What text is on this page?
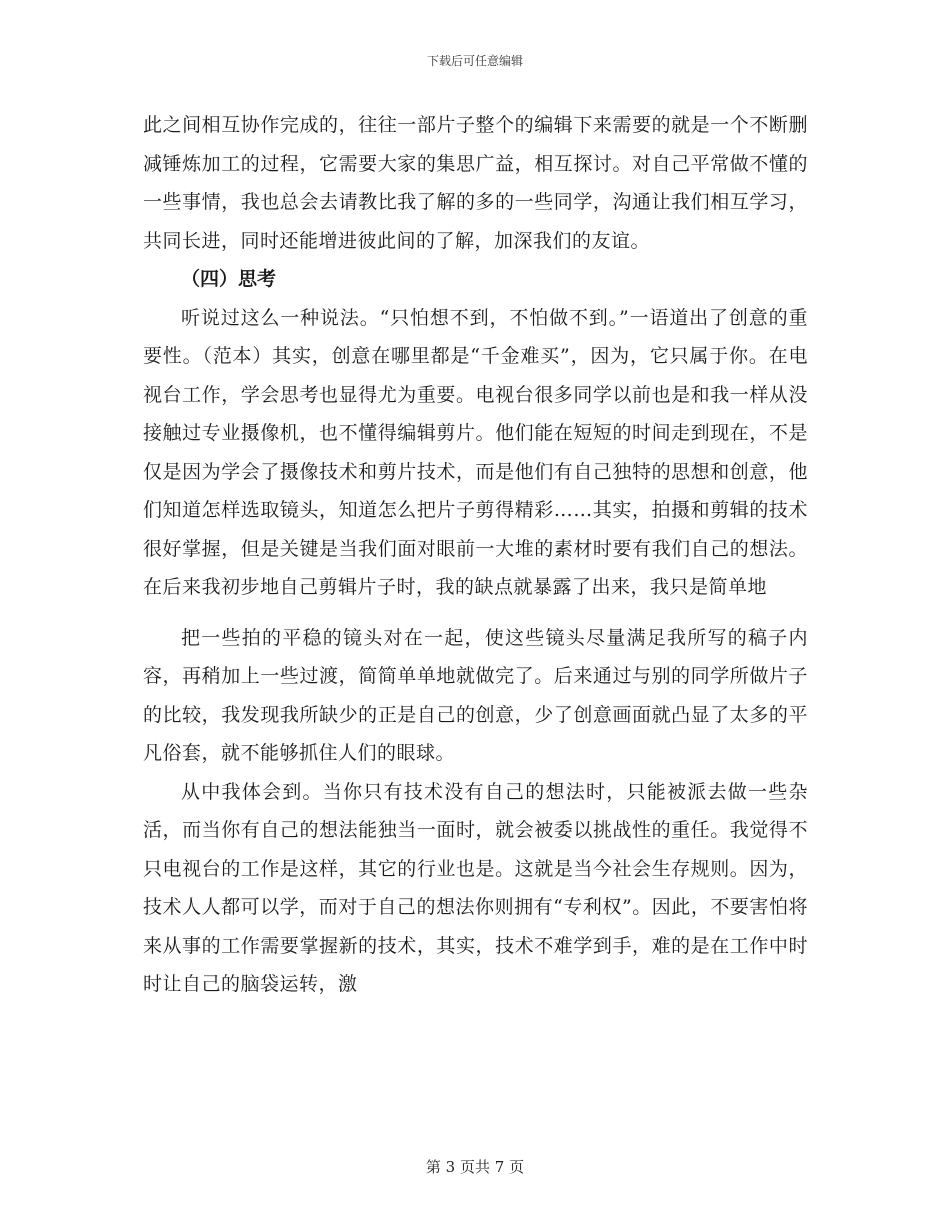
下载后可任意编辑

此之间相互协作完成的，往往一部片子整个的编辑下来需要的就是一个不断删减锤炼加工的过程，它需要大家的集思广益，相互探讨。对自己平常做不懂的一些事情，我也总会去请教比我了解的多的一些同学，沟通让我们相互学习，共同长进，同时还能增进彼此间的了解，加深我们的友谊。

（四）思考

听说过这么一种说法。“只怕想不到，不怕做不到。”一语道出了创意的重要性。（范本）其实，创意在哪里都是“千金难买”，因为，它只属于你。在电视台工作，学会思考也显得尤为重要。电视台很多同学以前也是和我一样从没接触过专业摄像机，也不懂得编辑剪片。他们能在短短的时间走到现在，不是仅是因为学会了摄像技术和剪片技术，而是他们有自己独特的思想和创意，他们知道怎样选取镜头，知道怎么把片子剪得精彩……其实，拍摄和剪辑的技术很好掌握，但是关键是当我们面对眼前一大堆的素材时要有我们自己的想法。在后来我初步地自己剪辑片子时，我的缺点就暴露了出来，我只是简单地

把一些拍的平稳的镜头对在一起，使这些镜头尽量满足我所写的稿子内容，再稍加上一些过渡，简简单单地就做完了。后来通过与别的同学所做片子的比较，我发现我所缺少的正是自己的创意，少了创意画面就凸显了太多的平凡俗套，就不能够抓住人们的眼球。

从中我体会到。当你只有技术没有自己的想法时，只能被派去做一些杂活，而当你有自己的想法能独当一面时，就会被委以挑战性的重任。我觉得不只电视台的工作是这样，其它的行业也是。这就是当今社会生存规则。因为，技术人人都可以学，而对于自己的想法你则拥有“专利权”。因此，不要害怕将来从事的工作需要掌握新的技术，其实，技术不难学到手，难的是在工作中时时让自己的脑袋运转，激

第 3 页共 7 页
